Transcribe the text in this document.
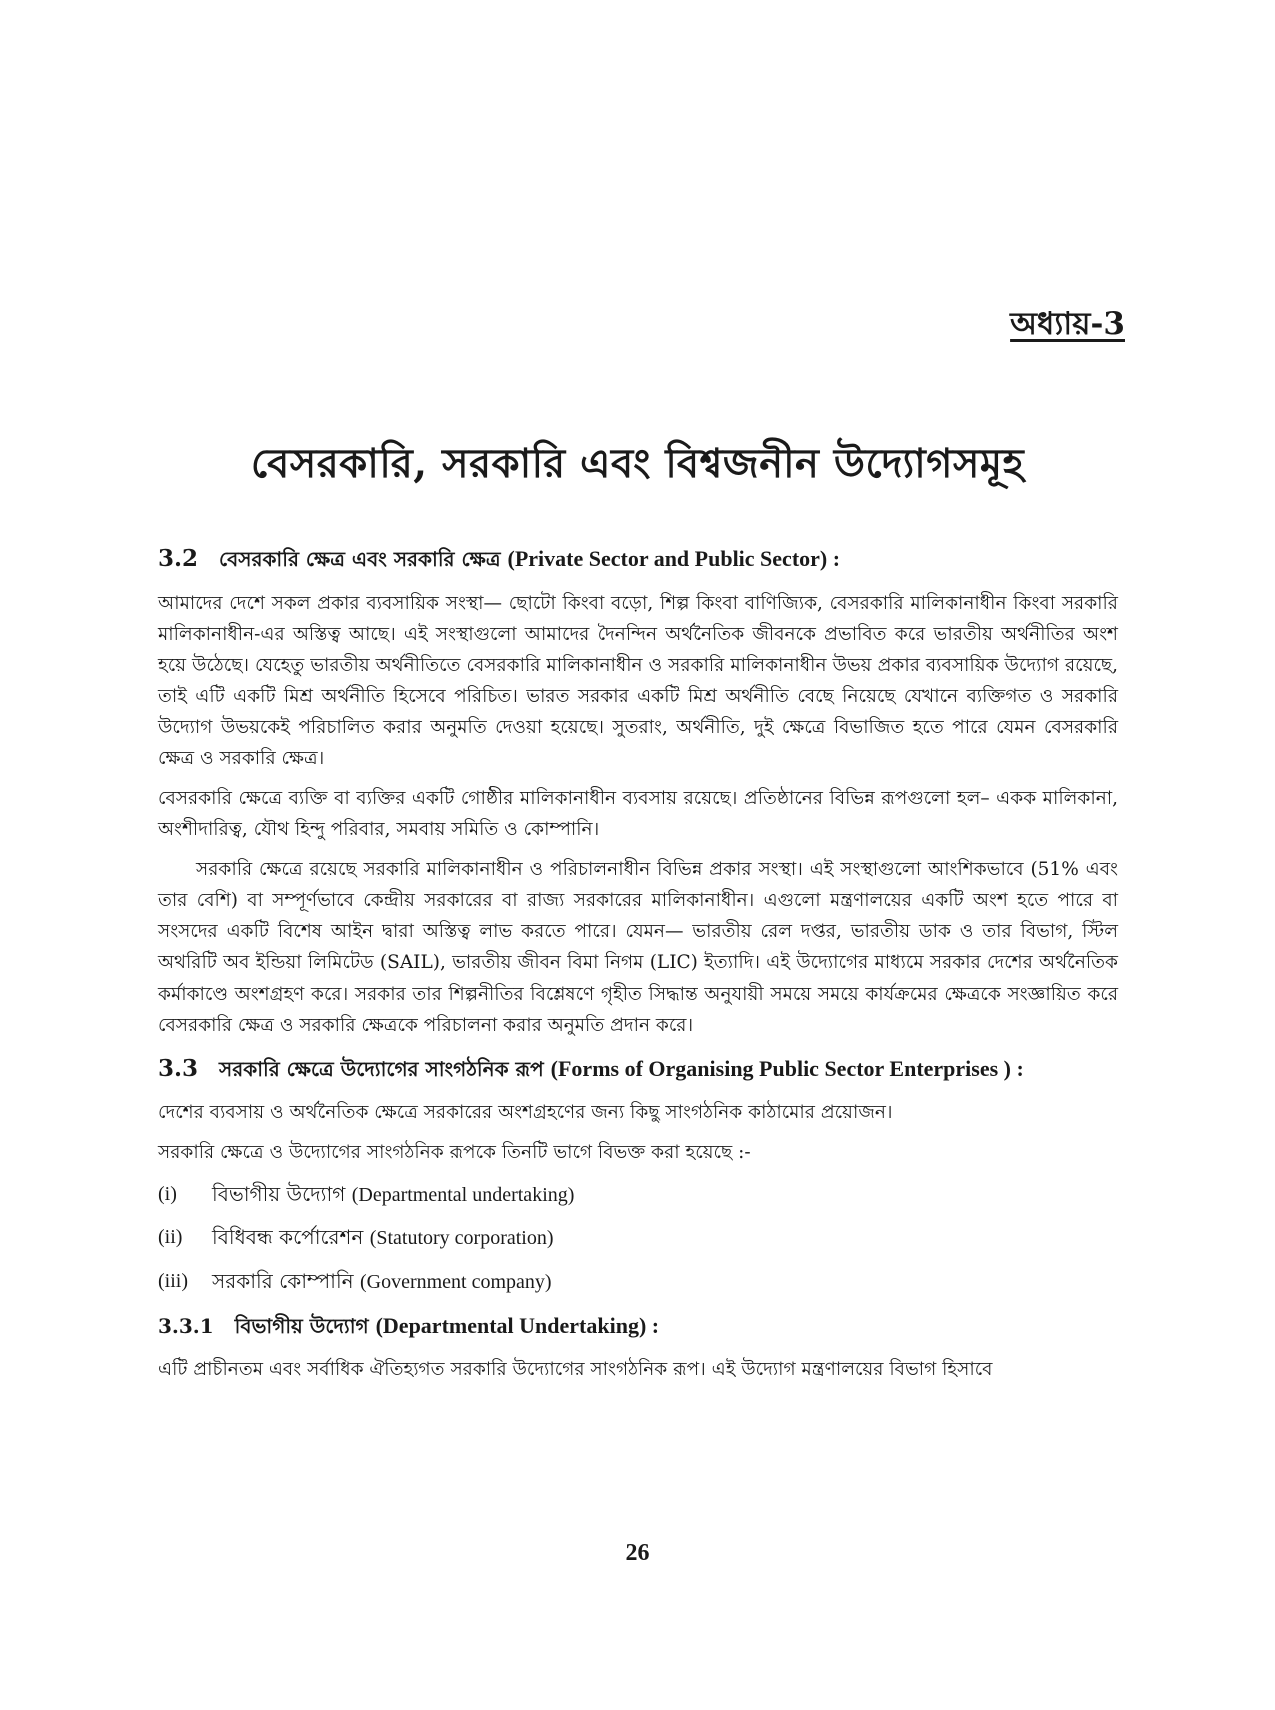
অধ্যায়-3
বেসরকারি, সরকারি এবং বিশ্বজনীন উদ্যোগসমূহ
3.2 বেসরকারি ক্ষেত্র এবং সরকারি ক্ষেত্র (Private Sector and Public Sector) :

আমাদের দেশে সকল প্রকার ব্যবসায়িক সংস্থা— ছোটো কিংবা বড়ো, শিল্প কিংবা বাণিজ্যিক, বেসরকারি মালিকানাধীন কিংবা সরকারি মালিকানাধীন-এর অস্তিত্ব আছে। এই সংস্থাগুলো আমাদের দৈনন্দিন অর্থনৈতিক জীবনকে প্রভাবিত করে ভারতীয় অর্থনীতির অংশ হয়ে উঠেছে। যেহেতু ভারতীয় অর্থনীতিতে বেসরকারি মালিকানাধীন ও সরকারি মালিকানাধীন উভয় প্রকার ব্যবসায়িক উদ্যোগ রয়েছে, তাই এটি একটি মিশ্র অর্থনীতি হিসেবে পরিচিত। ভারত সরকার একটি মিশ্র অর্থনীতি বেছে নিয়েছে যেখানে ব্যক্তিগত ও সরকারি উদ্যোগ উভয়কেই পরিচালিত করার অনুমতি দেওয়া হয়েছে। সুতরাং, অর্থনীতি, দুই ক্ষেত্রে বিভাজিত হতে পারে যেমন বেসরকারি ক্ষেত্র ও সরকারি ক্ষেত্র।

বেসরকারি ক্ষেত্রে ব্যক্তি বা ব্যক্তির একটি গোষ্ঠীর মালিকানাধীন ব্যবসায় রয়েছে। প্রতিষ্ঠানের বিভিন্ন রূপগুলো হল– একক মালিকানা, অংশীদারিত্ব, যৌথ হিন্দু পরিবার, সমবায় সমিতি ও কোম্পানি।

সরকারি ক্ষেত্রে রয়েছে সরকারি মালিকানাধীন ও পরিচালনাধীন বিভিন্ন প্রকার সংস্থা। এই সংস্থাগুলো আংশিকভাবে (51% এবং তার বেশি) বা সম্পূর্ণভাবে কেন্দ্রীয় সরকারের বা রাজ্য সরকারের মালিকানাধীন। এগুলো মন্ত্রণালয়ের একটি অংশ হতে পারে বা সংসদের একটি বিশেষ আইন দ্বারা অস্তিত্ব লাভ করতে পারে। যেমন— ভারতীয় রেল দপ্তর, ভারতীয় ডাক ও তার বিভাগ, স্টিল অথরিটি অব ইন্ডিয়া লিমিটেড (SAIL), ভারতীয় জীবন বিমা নিগম (LIC) ইত্যাদি। এই উদ্যোগের মাধ্যমে সরকার দেশের অর্থনৈতিক কর্মাকাণ্ডে অংশগ্রহণ করে। সরকার তার শিল্পনীতির বিশ্লেষণে গৃহীত সিদ্ধান্ত অনুযায়ী সময়ে সময়ে কার্যক্রমের ক্ষেত্রকে সংজ্ঞায়িত করে বেসরকারি ক্ষেত্র ও সরকারি ক্ষেত্রকে পরিচালনা করার অনুমতি প্রদান করে।

3.3 সরকারি ক্ষেত্রে উদ্যোগের সাংগঠনিক রূপ (Forms of Organising Public Sector Enterprises ) :

দেশের ব্যবসায় ও অর্থনৈতিক ক্ষেত্রে সরকারের অংশগ্রহণের জন্য কিছু সাংগঠনিক কাঠামোর প্রয়োজন।

সরকারি ক্ষেত্রে ও উদ্যোগের সাংগঠনিক রূপকে তিনটি ভাগে বিভক্ত করা হয়েছে :-

(i)	বিভাগীয় উদ্যোগ (Departmental undertaking)
(ii)	বিধিবন্ধ কর্পোরেশন (Statutory corporation)
(iii)	সরকারি কোম্পানি (Government company)
3.3.1 বিভাগীয় উদ্যোগ (Departmental Undertaking) :

এটি প্রাচীনতম এবং সর্বাধিক ঐতিহ্যগত সরকারি উদ্যোগের সাংগঠনিক রূপ। এই উদ্যোগ মন্ত্রণালয়ের বিভাগ হিসাবে

26
